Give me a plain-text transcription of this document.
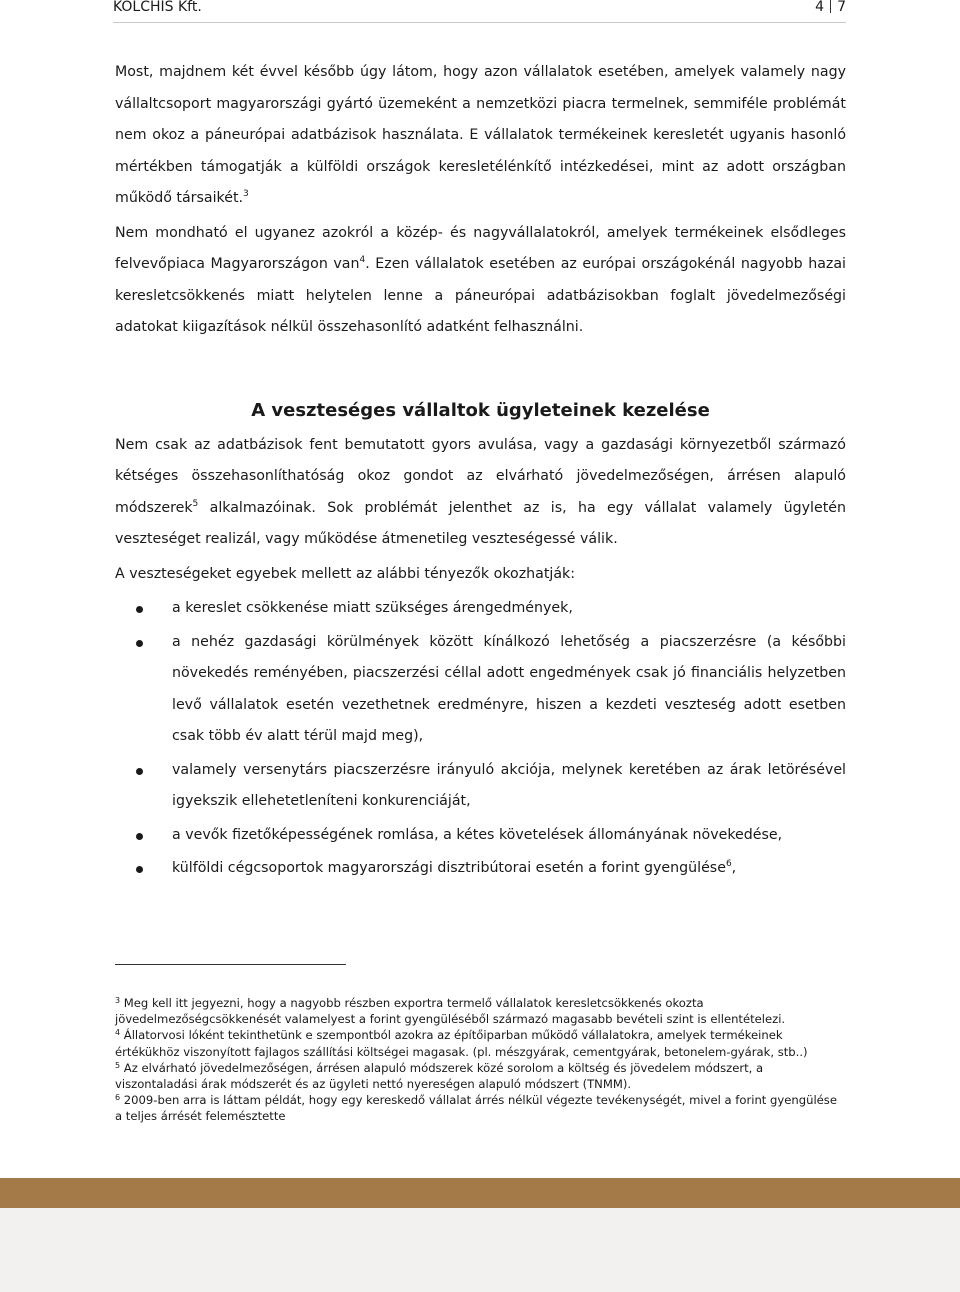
KOLCHIS Kft.	4 7

Most, majdnem két évvel később úgy látom, hogy azon vállalatok esetében, amelyek valamely nagy vállaltcsoport magyarországi gyártó üzemeként a nemzetközi piacra termelnek, semmiféle problémát nem okoz a páneurópai adatbázisok használata. E vállalatok termékeinek keresletét ugyanis hasonló mértékben támogatják a külföldi országok keresletélénkítő intézkedései, mint az adott országban működő társaikét.$^3$

Nem mondható el ugyanez azokról a közép- és nagyvállalatokról, amelyek termékeinek elsődleges felvevőpiaca Magyarországon van$^4$. Ezen vállalatok esetében az európai országokénál nagyobb hazai keresletcsökkenés miatt helytelen lenne a páneurópai adatbázisokban foglalt jövedelmezőségi adatokat kiigazítások nélkül összehasonlító adatként felhasználni.

A veszteséges vállaltok ügyleteinek kezelése

Nem csak az adatbázisok fent bemutatott gyors avulása, vagy a gazdasági környezetből származó kétséges összehasonlíthatóság okoz gondot az elvárható jövedelmezőségen, árrésen alapuló módszerek$^5$ alkalmazóinak. Sok problémát jelenthet az is, ha egy vállalat valamely ügyletén veszteséget realizál, vagy működése átmenetileg veszteségessé válik.

A veszteségeket egyebek mellett az alábbi tényezők okozhatják:

a kereslet csökkenése miatt szükséges árengedmények,

a nehéz gazdasági körülmények között kínálkozó lehetőség a piacszerzésre (a későbbi növekedés reményében, piacszerzési céllal adott engedmények csak jó financiális helyzetben levő vállalatok esetén vezethetnek eredményre, hiszen a kezdeti veszteség adott esetben csak több év alatt térül majd meg),

valamely versenytárs piacszerzésre irányuló akciója, melynek keretében az árak letörésével igyekszik ellehetetleníteni konkurenciáját,

a vevők fizetőképességének romlása, a kétes követelések állományának növekedése,

külföldi cégcsoportok magyarországi disztribútorai esetén a forint gyengülése$^6$,

$^3$ Meg kell itt jegyezni, hogy a nagyobb részben exportra termelő vállalatok keresletcsökkenés okozta jövedelmezőségcsökkenését valamelyest a forint gyengüléséből származó magasabb bevételi szint is ellentételezi.

$^4$ Állatorvosi lóként tekinthetünk e szempontból azokra az építőiparban működő vállalatokra, amelyek termékeinek értékükhöz viszonyított fajlagos szállítási költségei magasak. (pl. mészgyárak, cementgyárak, betonelem-gyárak, stb..)

$^5$ Az elvárható jövedelmezőségen, árrésen alapuló módszerek közé sorolom a költség és jövedelem módszert, a viszontaladási árak módszerét és az ügyleti nettó nyereségen alapuló módszert (TNMM).

$^6$ 2009-ben arra is láttam példát, hogy egy kereskedő vállalat árrés nélkül végezte tevékenységét, mivel a forint gyengülése a teljes árrését felemésztette
